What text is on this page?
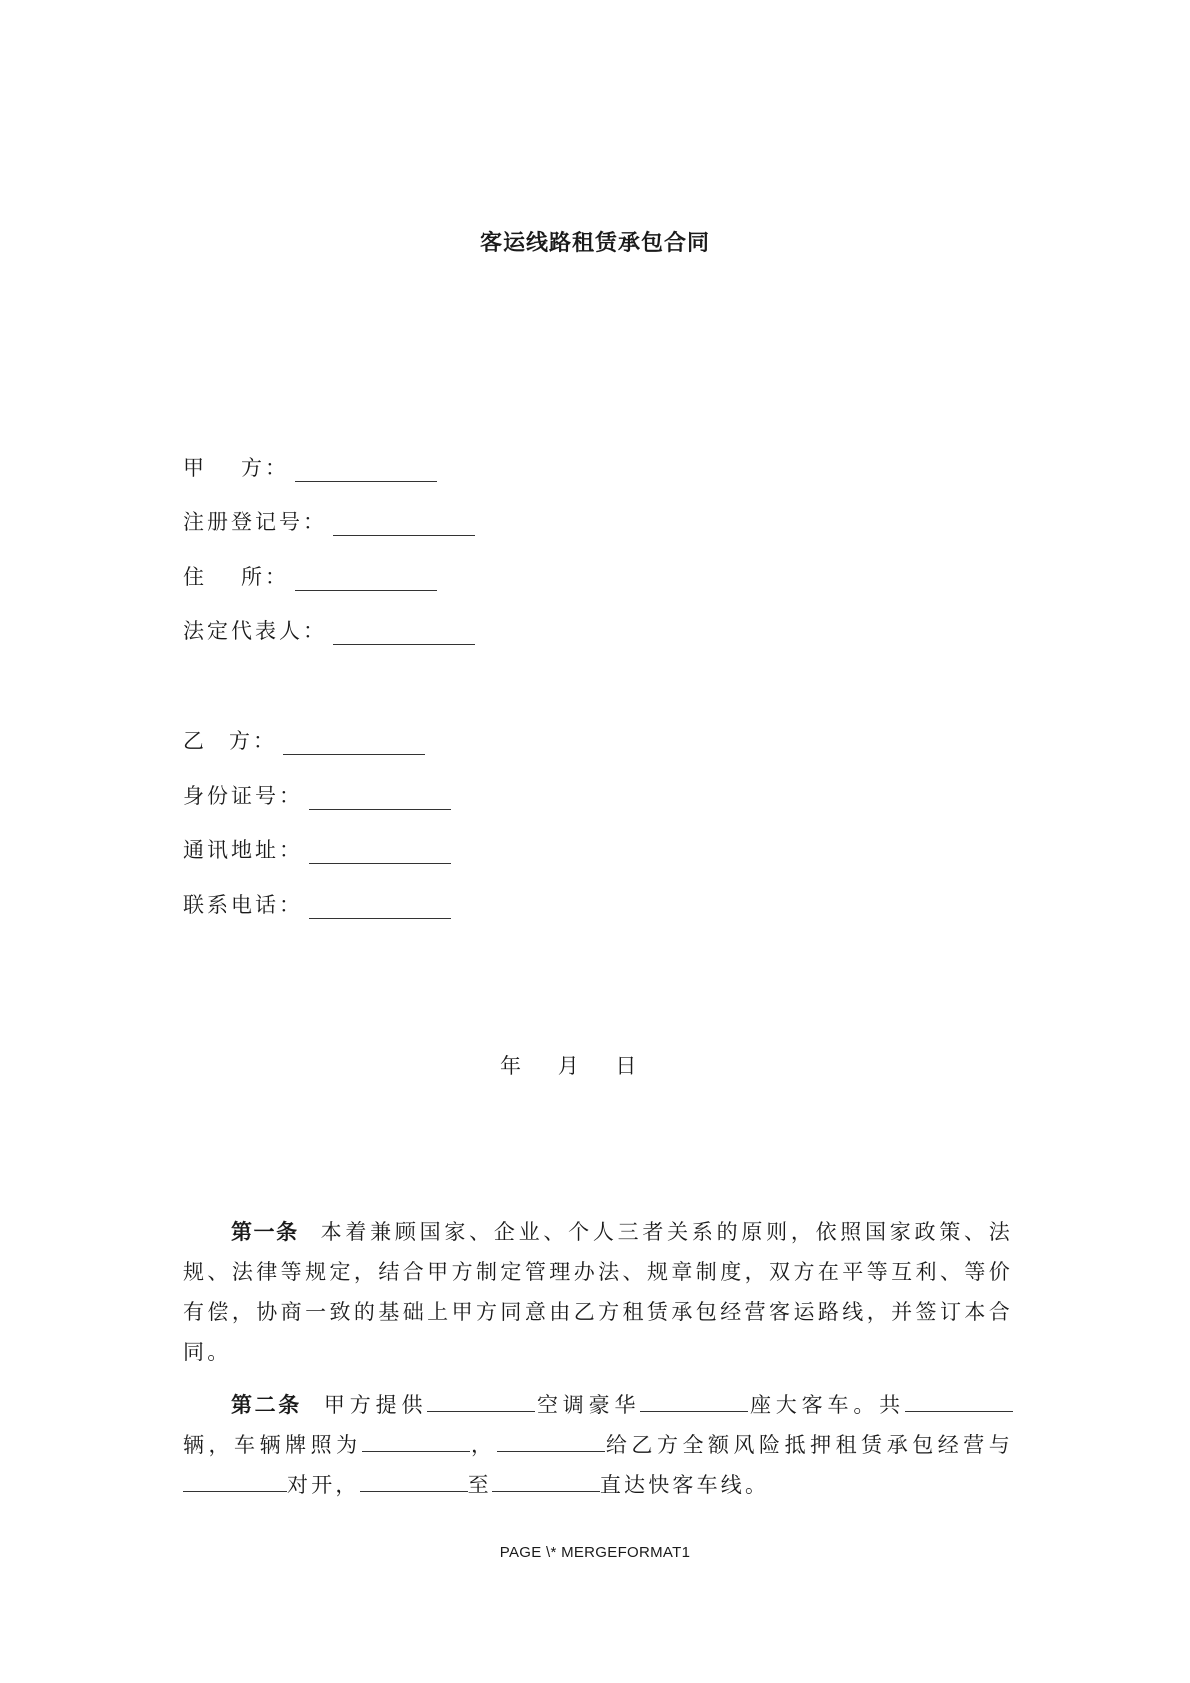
客运线路租赁承包合同
甲 方：
注册登记号：
住 所：
法定代表人：
乙 方：
身份证号：
通讯地址：
联系电话：
年    月    日
第一条 本着兼顾国家、企业、个人三者关系的原则，依照国家政策、法规、法律等规定，结合甲方制定管理办法、规章制度，双方在平等互利、等价有偿，协商一致的基础上甲方同意由乙方租赁承包经营客运路线，并签订本合同。
第二条 甲方提供	空调豪华	座大客车。共辆，车辆牌照为	，	给乙方全额风险抵押租赁承包经营与对开，	至	直达快客车线。
PAGE \* MERGEFORMAT1
